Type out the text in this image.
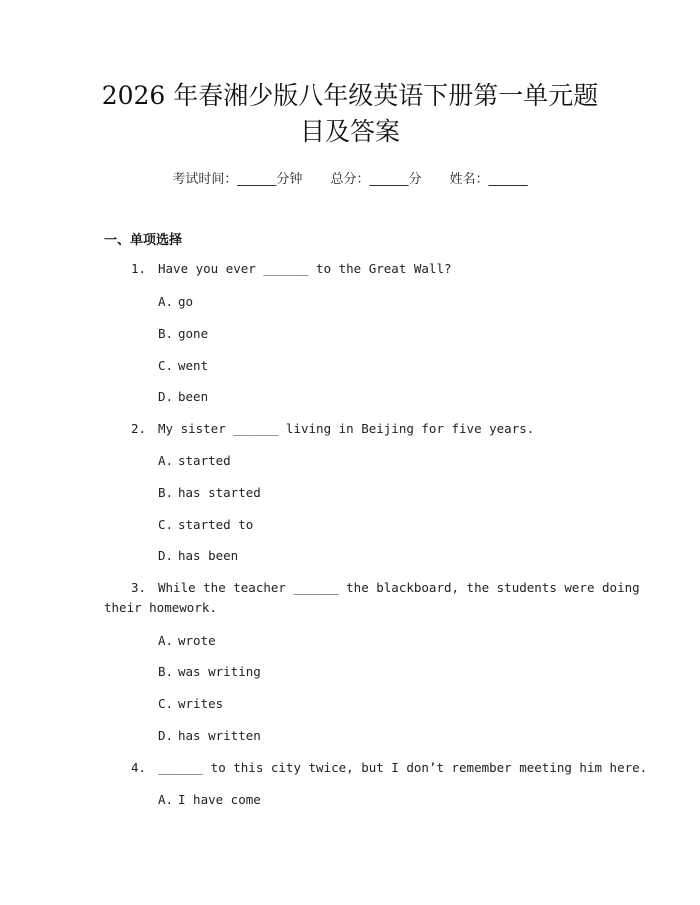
2026 年春湘少版八年级英语下册第一单元题
目及答案
考试时间：______分钟 总分：______分 姓名：______
一、单项选择
1. Have you ever ______ to the Great Wall?
A. go
B. gone
C. went
D. been
2. My sister ______ living in Beijing for five years.
A. started
B. has started
C. started to
D. has been
3. While the teacher ______ the blackboard, the students were doing
their homework.
A. wrote
B. was writing
C. writes
D. has written
4. ______ to this city twice, but I don’t remember meeting him here.
A. I have come
